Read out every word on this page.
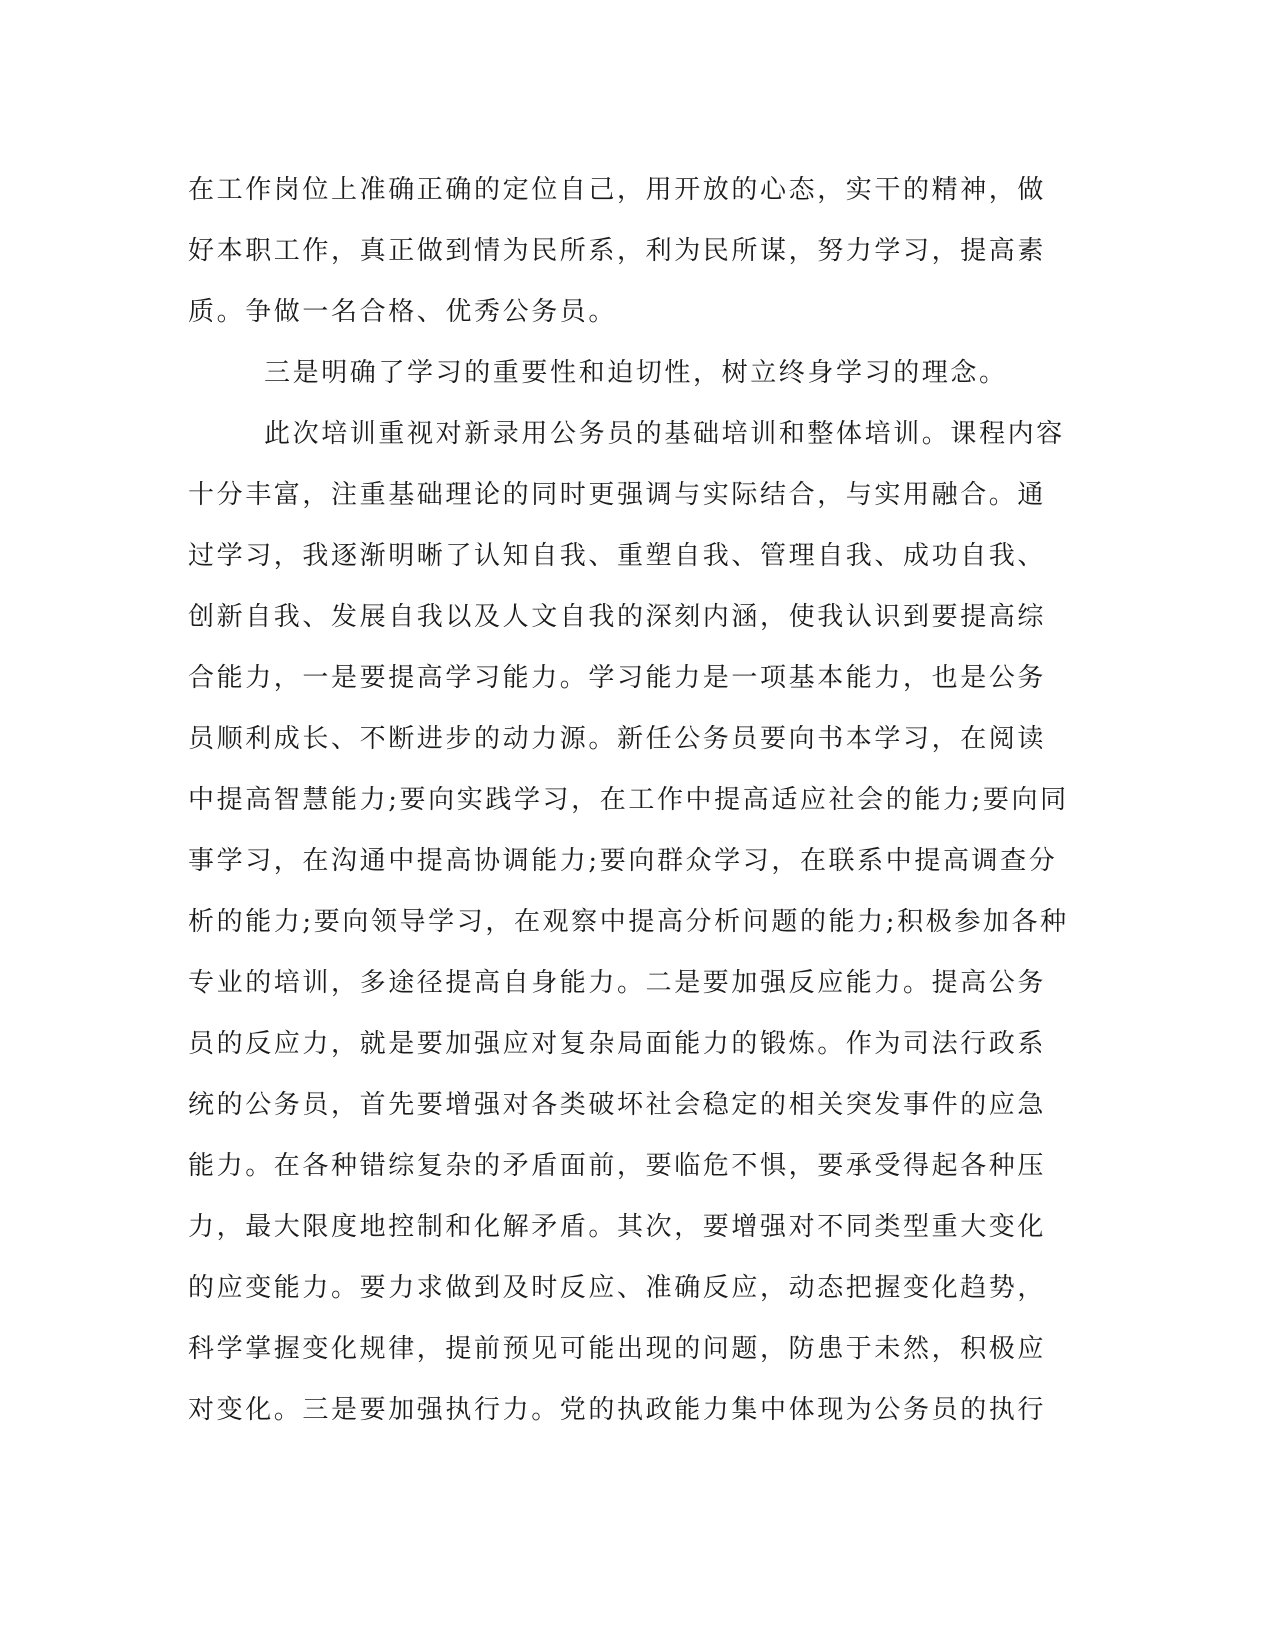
在工作岗位上准确正确的定位自己，用开放的心态，实干的精神，做
好本职工作，真正做到情为民所系，利为民所谋，努力学习，提高素
质。争做一名合格、优秀公务员。
三是明确了学习的重要性和迫切性，树立终身学习的理念。
此次培训重视对新录用公务员的基础培训和整体培训。课程内容
十分丰富，注重基础理论的同时更强调与实际结合，与实用融合。通
过学习，我逐渐明晰了认知自我、重塑自我、管理自我、成功自我、
创新自我、发展自我以及人文自我的深刻内涵，使我认识到要提高综
合能力，一是要提高学习能力。学习能力是一项基本能力，也是公务
员顺利成长、不断进步的动力源。新任公务员要向书本学习，在阅读
中提高智慧能力;要向实践学习，在工作中提高适应社会的能力;要向同
事学习，在沟通中提高协调能力;要向群众学习，在联系中提高调查分
析的能力;要向领导学习，在观察中提高分析问题的能力;积极参加各种
专业的培训，多途径提高自身能力。二是要加强反应能力。提高公务
员的反应力，就是要加强应对复杂局面能力的锻炼。作为司法行政系
统的公务员，首先要增强对各类破坏社会稳定的相关突发事件的应急
能力。在各种错综复杂的矛盾面前，要临危不惧，要承受得起各种压
力，最大限度地控制和化解矛盾。其次，要增强对不同类型重大变化
的应变能力。要力求做到及时反应、准确反应，动态把握变化趋势，
科学掌握变化规律，提前预见可能出现的问题，防患于未然，积极应
对变化。三是要加强执行力。党的执政能力集中体现为公务员的执行
